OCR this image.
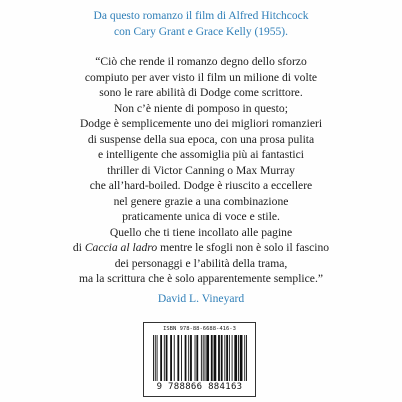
Da questo romanzo il film di Alfred Hitchcock
con Cary Grant e Grace Kelly (1955).
“Ciò che rende il romanzo degno dello sforzo
compiuto per aver visto il film un milione di volte
sono le rare abilità di Dodge come scrittore.
Non c’è niente di pomposo in questo;
Dodge è semplicemente uno dei migliori romanzieri
di suspense della sua epoca, con una prosa pulita
e intelligente che assomiglia più ai fantastici
thriller di Victor Canning o Max Murray
che all’hard-boiled. Dodge è riuscito a eccellere
nel genere grazie a una combinazione
praticamente unica di voce e stile.
Quello che ti tiene incollato alle pagine
di Caccia al ladro mentre le sfogli non è solo il fascino
dei personaggi e l’abilità della trama,
ma la scrittura che è solo apparentemente semplice.”
David L. Vineyard
ISBN 978-88-6688-416-3
9 788866 884163
